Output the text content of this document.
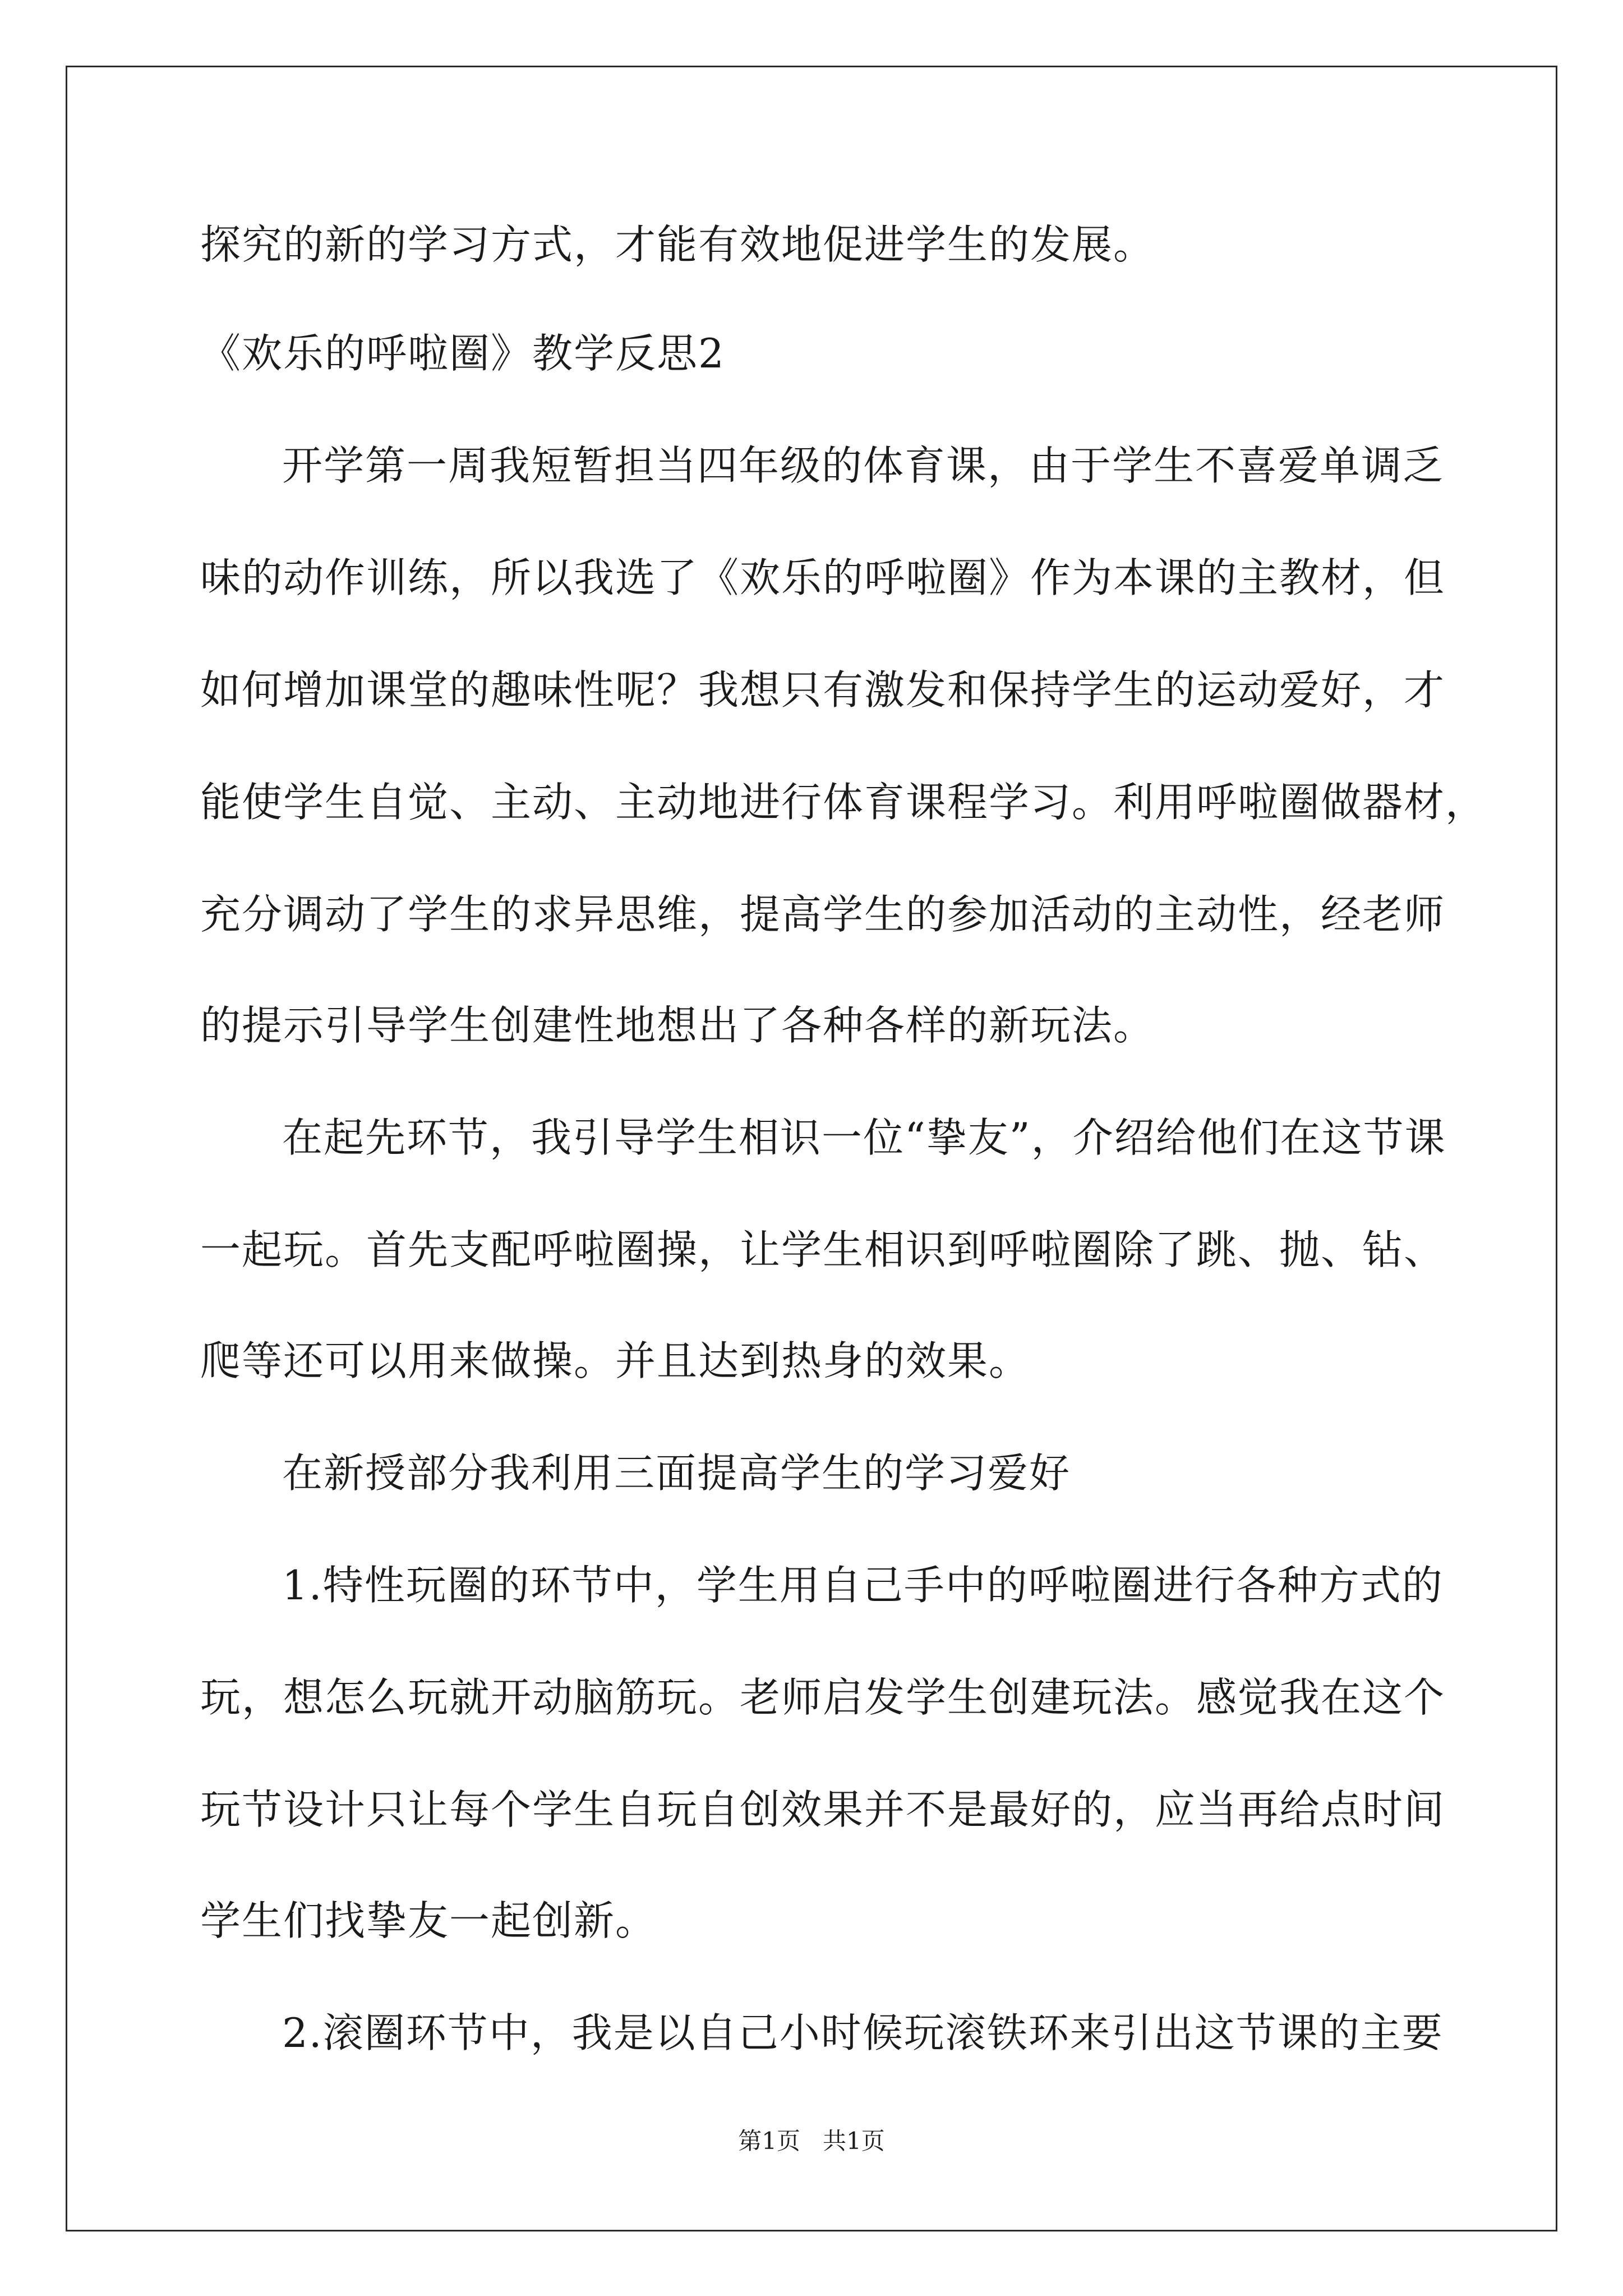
探究的新的学习方式，才能有效地促进学生的发展。
《欢乐的呼啦圈》教学反思2
开学第一周我短暂担当四年级的体育课，由于学生不喜爱单调乏
味的动作训练，所以我选了《欢乐的呼啦圈》作为本课的主教材，但
如何增加课堂的趣味性呢？我想只有激发和保持学生的运动爱好，才
能使学生自觉、主动、主动地进行体育课程学习。利用呼啦圈做器材，
充分调动了学生的求异思维，提高学生的参加活动的主动性，经老师
的提示引导学生创建性地想出了各种各样的新玩法。
在起先环节，我引导学生相识一位“挚友”，介绍给他们在这节课
一起玩。首先支配呼啦圈操，让学生相识到呼啦圈除了跳、抛、钻、
爬等还可以用来做操。并且达到热身的效果。
在新授部分我利用三面提高学生的学习爱好
1.特性玩圈的环节中，学生用自己手中的呼啦圈进行各种方式的
玩，想怎么玩就开动脑筋玩。老师启发学生创建玩法。感觉我在这个
玩节设计只让每个学生自玩自创效果并不是最好的，应当再给点时间
学生们找挚友一起创新。
2.滚圈环节中，我是以自己小时候玩滚铁环来引出这节课的主要
第1页   共1页
